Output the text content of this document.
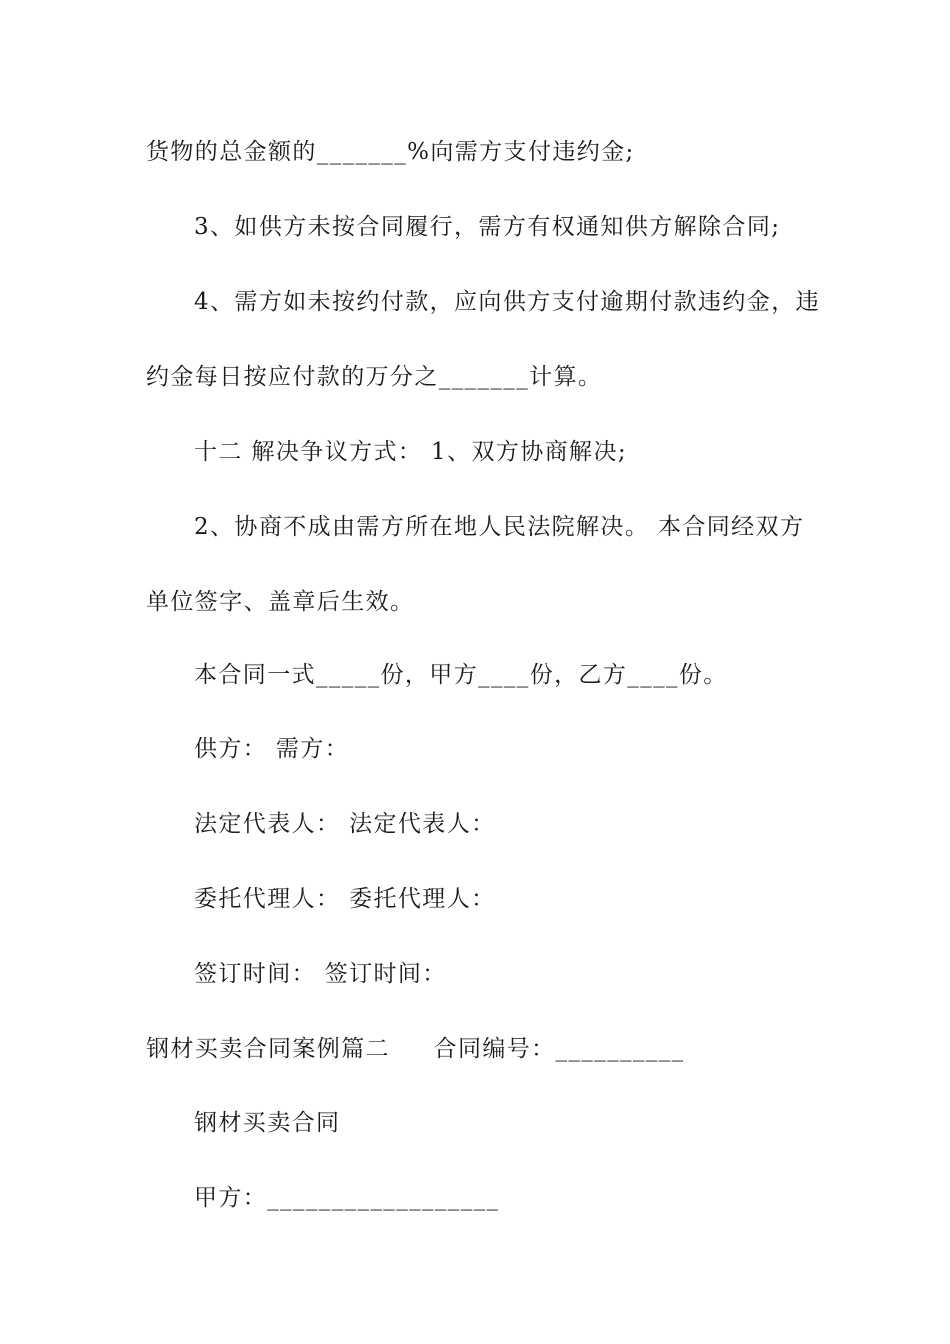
货物的总金额的_______%向需方支付违约金;
3、如供方未按合同履行，需方有权通知供方解除合同;
4、需方如未按约付款，应向供方支付逾期付款违约金，违
约金每日按应付款的万分之_______计算。
十二 解决争议方式： 1、双方协商解决;
2、协商不成由需方所在地人民法院解决。 本合同经双方
单位签字、盖章后生效。
本合同一式_____份，甲方____份，乙方____份。
供方： 需方：
法定代表人： 法定代表人：
委托代理人： 委托代理人：
签订时间： 签订时间：
钢材买卖合同案例篇二     合同编号：__________
钢材买卖合同
甲方：__________________
